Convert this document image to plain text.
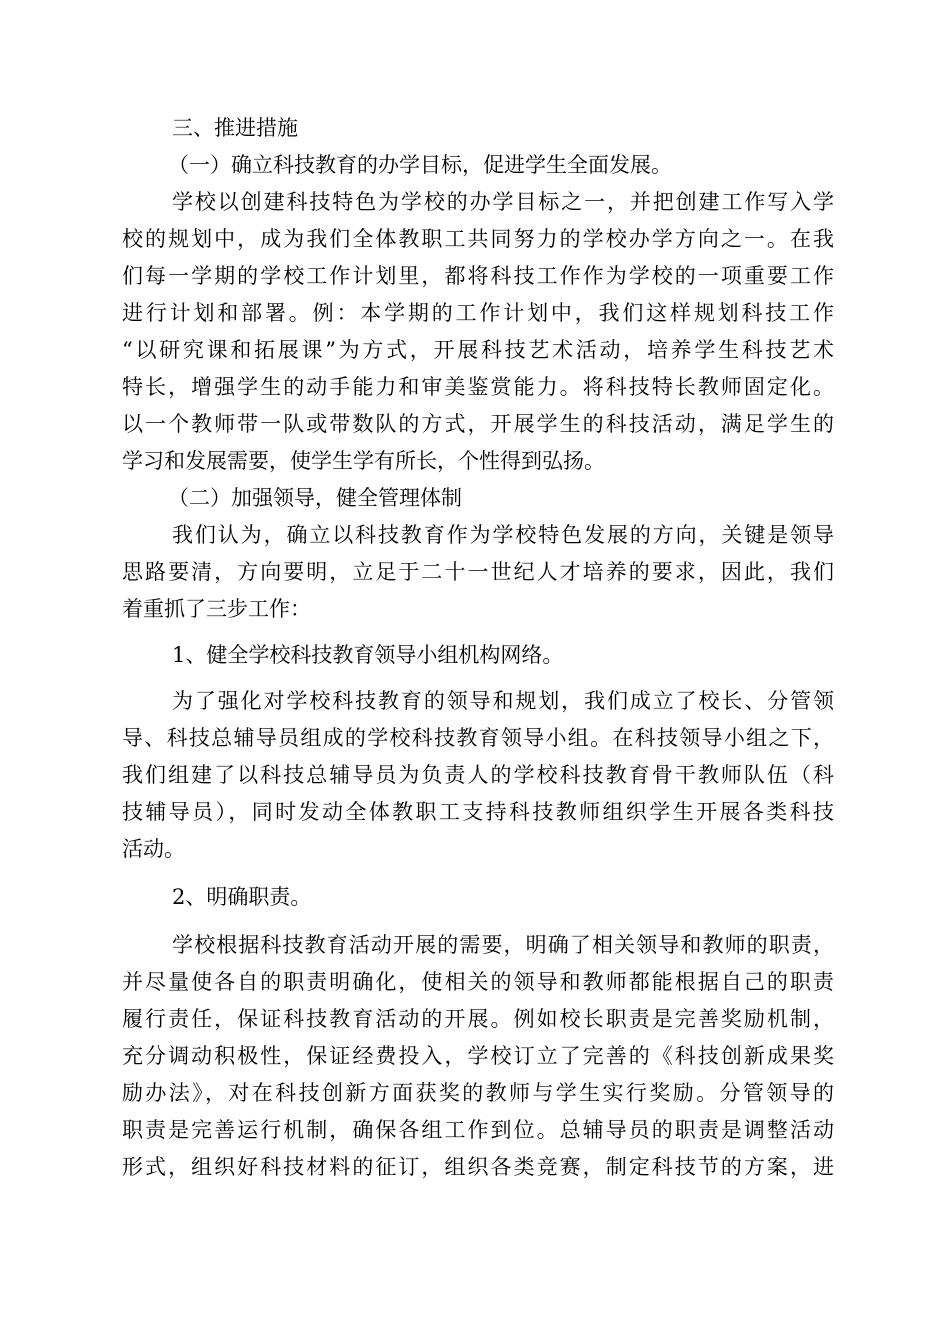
三、推进措施
（一）确立科技教育的办学目标，促进学生全面发展。
学校以创建科技特色为学校的办学目标之一，并把创建工作写入学
校的规划中，成为我们全体教职工共同努力的学校办学方向之一。在我
们每一学期的学校工作计划里，都将科技工作作为学校的一项重要工作
进行计划和部署。例：本学期的工作计划中，我们这样规划科技工作
“以研究课和拓展课”为方式，开展科技艺术活动，培养学生科技艺术
特长，增强学生的动手能力和审美鉴赏能力。将科技特长教师固定化。
以一个教师带一队或带数队的方式，开展学生的科技活动，满足学生的
学习和发展需要，使学生学有所长，个性得到弘扬。
（二）加强领导，健全管理体制
我们认为，确立以科技教育作为学校特色发展的方向，关键是领导
思路要清，方向要明，立足于二十一世纪人才培养的要求，因此，我们
着重抓了三步工作：
1、健全学校科技教育领导小组机构网络。
为了强化对学校科技教育的领导和规划，我们成立了校长、分管领
导、科技总辅导员组成的学校科技教育领导小组。在科技领导小组之下，
我们组建了以科技总辅导员为负责人的学校科技教育骨干教师队伍（科
技辅导员），同时发动全体教职工支持科技教师组织学生开展各类科技
活动。
2、明确职责。
学校根据科技教育活动开展的需要，明确了相关领导和教师的职责，
并尽量使各自的职责明确化，使相关的领导和教师都能根据自己的职责
履行责任，保证科技教育活动的开展。例如校长职责是完善奖励机制，
充分调动积极性，保证经费投入，学校订立了完善的《科技创新成果奖
励办法》，对在科技创新方面获奖的教师与学生实行奖励。分管领导的
职责是完善运行机制，确保各组工作到位。总辅导员的职责是调整活动
形式，组织好科技材料的征订，组织各类竞赛，制定科技节的方案，进
